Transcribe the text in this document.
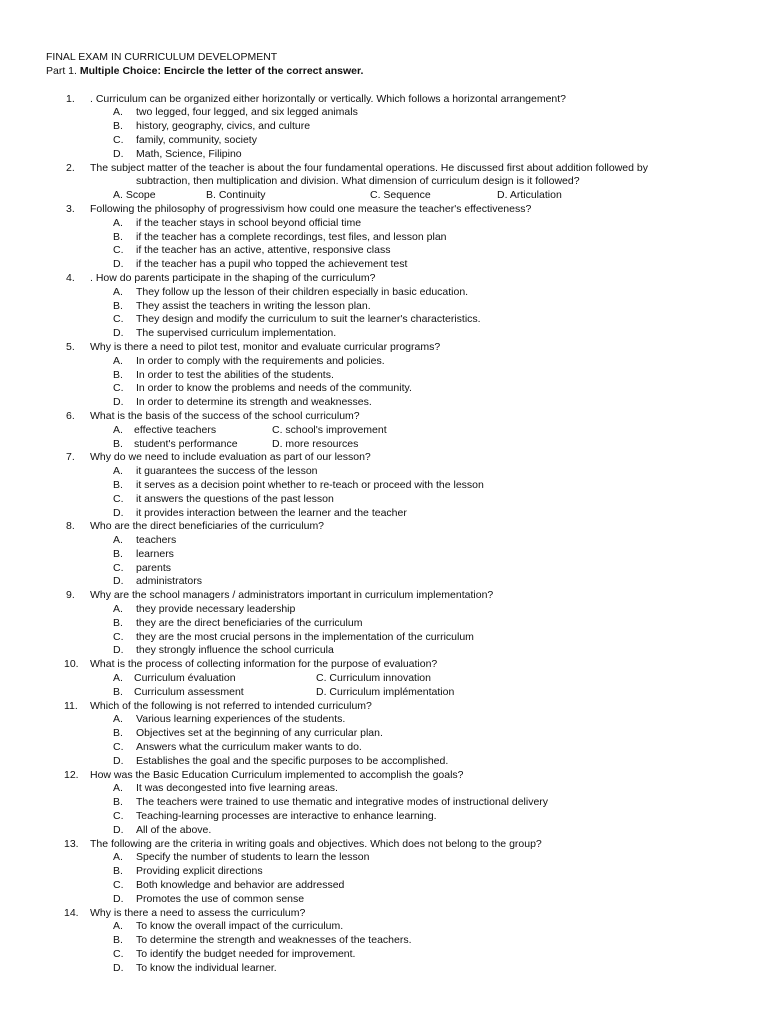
FINAL EXAM IN CURRICULUM DEVELOPMENT
Part 1. Multiple Choice: Encircle the letter of the correct answer.
1. . Curriculum can be organized either horizontally or vertically. Which follows a horizontal arrangement?
A. two legged, four legged, and six legged animals
B. history, geography, civics, and culture
C. family, community, society
D. Math, Science, Filipino
2. The subject matter of the teacher is about the four fundamental operations. He discussed first about addition followed by
subtraction, then multiplication and division. What dimension of curriculum design is it followed?
A. Scope	B. Continuity	C. Sequence	D. Articulation
3. Following the philosophy of progressivism how could one measure the teacher's effectiveness?
A. if the teacher stays in school beyond official time
B. if the teacher has a complete recordings, test files, and lesson plan
C. if the teacher has an active, attentive, responsive class
D. if the teacher has a pupil who topped the achievement test
4. . How do parents participate in the shaping of the curriculum?
A. They follow up the lesson of their children especially in basic education.
B. They assist the teachers in writing the lesson plan.
C. They design and modify the curriculum to suit the learner's characteristics.
D. The supervised curriculum implementation.
5. Why is there a need to pilot test, monitor and evaluate curricular programs?
A. In order to comply with the requirements and policies.
B. In order to test the abilities of the students.
C. In order to know the problems and needs of the community.
D. In order to determine its strength and weaknesses.
6. What is the basis of the success of the school curriculum?
A. effective teachers	C. school's improvement
B. student's performance	D. more resources
7. Why do we need to include evaluation as part of our lesson?
A. it guarantees the success of the lesson
B. it serves as a decision point whether to re-teach or proceed with the lesson
C. it answers the questions of the past lesson
D. it provides interaction between the learner and the teacher
8. Who are the direct beneficiaries of the curriculum?
A. teachers
B. learners
C. parents
D. administrators
9. Why are the school managers / administrators important in curriculum implementation?
A. they provide necessary leadership
B. they are the direct beneficiaries of the curriculum
C. they are the most crucial persons in the implementation of the curriculum
D. they strongly influence the school curricula
10. What is the process of collecting information for the purpose of evaluation?
A. Curriculum évaluation	C. Curriculum innovation
B. Curriculum assessment	D. Curriculum implémentation
11. Which of the following is not referred to intended curriculum?
A. Various learning experiences of the students.
B. Objectives set at the beginning of any curricular plan.
C. Answers what the curriculum maker wants to do.
D. Establishes the goal and the specific purposes to be accomplished.
12. How was the Basic Education Curriculum implemented to accomplish the goals?
A. It was decongested into five learning areas.
B. The teachers were trained to use thematic and integrative modes of instructional delivery
C. Teaching-learning processes are interactive to enhance learning.
D. All of the above.
13. The following are the criteria in writing goals and objectives. Which does not belong to the group?
A. Specify the number of students to learn the lesson
B. Providing explicit directions
C. Both knowledge and behavior are addressed
D. Promotes the use of common sense
14. Why is there a need to assess the curriculum?
A. To know the overall impact of the curriculum.
B. To determine the strength and weaknesses of the teachers.
C. To identify the budget needed for improvement.
D. To know the individual learner.
